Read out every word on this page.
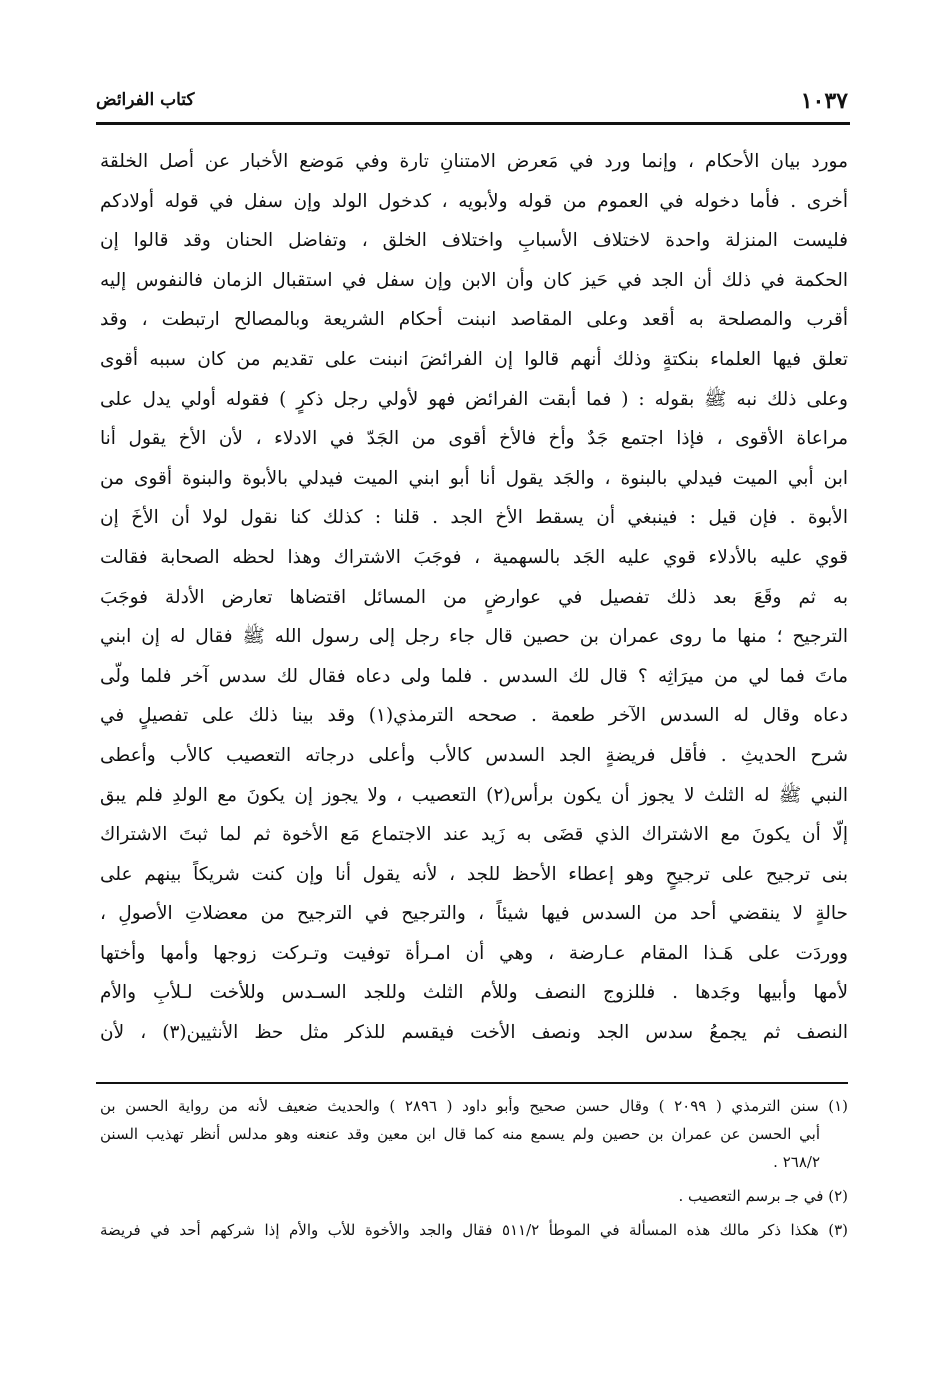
١٠٣٧
كتاب الفرائض
مورد بيان الأحكام ، وإنما ورد في مَعرض الامتنانِ تارة وفي مَوضع الأخبار عن أصل الخلقة
أخرى . فأما دخوله في العموم من قوله ولأبويه ، كدخول الولد وإن سفل في قوله أولادكم
فليست المنزلة واحدة لاختلاف الأسبابِ واختلاف الخلق ، وتفاضل الحنان وقد قالوا إن
الحكمة في ذلك أن الجد في حَيز كان وأن الابن وإن سفل في استقبال الزمان فالنفوس إليه
أقرب والمصلحة به أقعد وعلى المقاصد انبنت أحكام الشريعة وبالمصالح ارتبطت ، وقد
تعلق فيها العلماء بنكتةٍ وذلك أنهم قالوا إن الفرائضَ انبنت على تقديم من كان سببه أقوى
وعلى ذلك نبه ﷺ بقوله : ( فما أبقت الفرائض فهو لأولي رجل ذكرٍ ) فقوله أولي يدل على
مراعاة الأقوى ، فإذا اجتمع جَدٌ وأخ فالأخ أقوى من الجَدّ في الادلاء ، لأن الأخ يقول أنا
ابن أبي الميت فيدلي بالبنوة ، والجَد يقول أنا أبو ابني الميت فيدلي بالأبوة والبنوة أقوى من
الأبوة . فإن قيل : فينبغي أن يسقط الأخ الجد . قلنا : كذلك كنا نقول لولا أن الأخَ إن
قوي عليه بالأدلاء قوي عليه الجَد بالسهمية ، فوجَبَ الاشتراك وهذا لحظه الصحابة فقالت
به ثم وقَعَ بعد ذلك تفصيل في عوارضٍ من المسائل اقتضاها تعارض الأدلة فوجَبَ
الترجيح ؛ منها ما روى عمران بن حصين قال جاء رجل إلى رسول الله ﷺ فقال له إن ابني
ماتَ فما لي من ميرَاثِه ؟ قال لك السدس . فلما ولى دعاه فقال لك سدس آخر فلما ولّى
دعاه وقال له السدس الآخر طعمة . صححه الترمذي(١) وقد بينا ذلك على تفصيلٍ في
شرح الحديثِ . فأقل فريضةٍ الجد السدس كالأب وأعلى درجاته التعصيب كالأب وأعطى
النبي ﷺ له الثلث لا يجوز أن يكون برأس(٢) التعصيب ، ولا يجوز إن يكونَ مع الولدِ فلم يبق
إلّا أن يكونَ مع الاشتراك الذي قضَى به زَيد عند الاجتماع مَع الأخوة ثم لما ثبتَ الاشتراك
بنى ترجيح على ترجيحٍ وهو إعطاء الأحظ للجد ، لأنه يقول أنا وإن كنت شريكاً بينهم على
حالةٍ لا ينقضي أحد من السدس فيها شيئاً ، والترجيح في الترجيح من معضلاتِ الأصولِ ،
ووردَت على هَـذا المقام عـارضة ، وهي أن امـرأة توفيت وتـركت زوجها وأمها وأختها
لأمها وأبيها وجَدها . فللزوج النصف وللأم الثلث وللجد السـدس وللأخت لـلأبِ والأم
النصف ثم يجمعُ سدس الجد ونصف الأخت فيقسم للذكر مثل حظ الأنثيين(٣) ، لأن
(١) سنن الترمذي ( ٢٠٩٩ ) وقال حسن صحيح وأبو داود ( ٢٨٩٦ ) والحديث ضعيف لأنه من رواية الحسن بن
أبي الحسن عن عمران بن حصين ولم يسمع منه كما قال ابن معين وقد عنعنه وهو مدلس أنظر تهذيب السنن
٢٦٨/٢ .
(٢) في جـ برسم التعصيب .
(٣) هكذا ذكر مالك هذه المسألة في الموطأ ٥١١/٢ فقال والجد والأخوة للأب والأم إذا شركهم أحد في فريضة
